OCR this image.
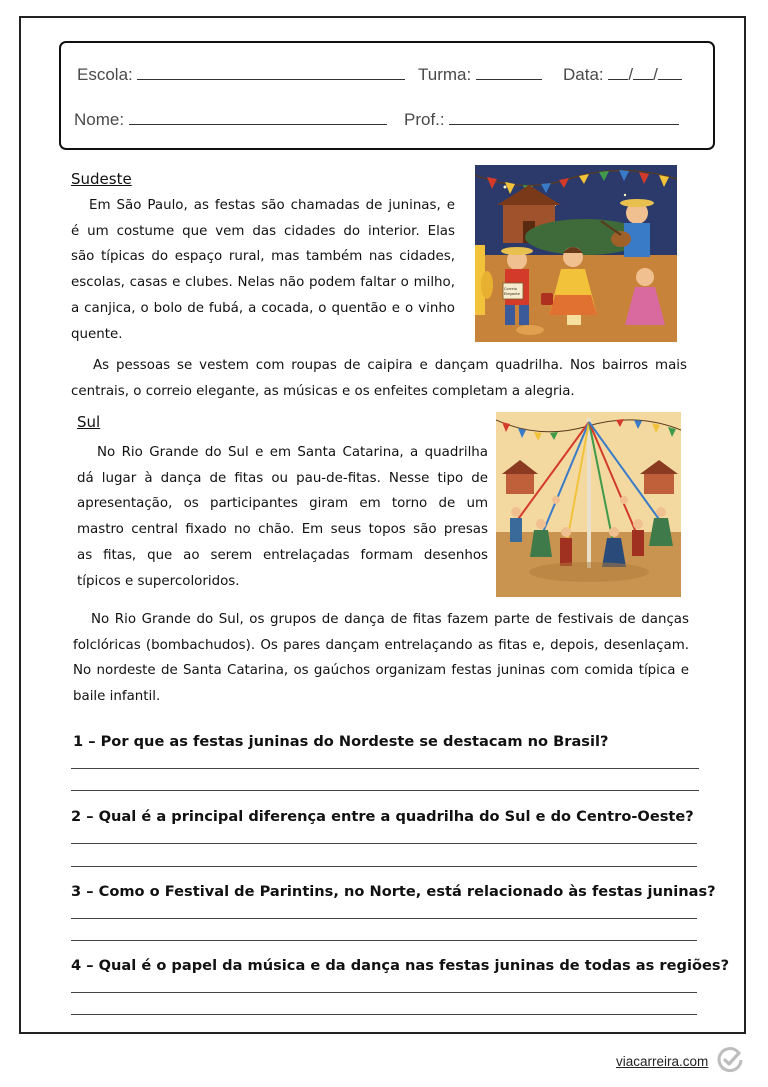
Escola:	Turma:	Data: / /
Nome:	Prof.:
Sudeste
Em São Paulo, as festas são chamadas de juninas, e
é um costume que vem das cidades do interior. Elas
são típicas do espaço rural, mas também nas cidades,
escolas, casas e clubes. Nelas não podem faltar o milho,
a canjica, o bolo de fubá, a cocada, o quentão e o vinho
quente.
Correio
Elegante
As pessoas se vestem com roupas de caipira e dançam quadrilha. Nos bairros mais
centrais, o correio elegante, as músicas e os enfeites completam a alegria.
Sul
No Rio Grande do Sul e em Santa Catarina, a quadrilha
dá lugar à dança de fitas ou pau-de-fitas. Nesse tipo de
apresentação, os participantes giram em torno de um
mastro central fixado no chão. Em seus topos são presas
as fitas, que ao serem entrelaçadas formam desenhos
típicos e supercoloridos.
No Rio Grande do Sul, os grupos de dança de fitas fazem parte de festivais de danças
folclóricas (bombachudos). Os pares dançam entrelaçando as fitas e, depois, desenlaçam.
No nordeste de Santa Catarina, os gaúchos organizam festas juninas com comida típica e
baile infantil.
1 – Por que as festas juninas do Nordeste se destacam no Brasil?
2 – Qual é a principal diferença entre a quadrilha do Sul e do Centro-Oeste?
3 – Como o Festival de Parintins, no Norte, está relacionado às festas juninas?
4 – Qual é o papel da música e da dança nas festas juninas de todas as regiões?
viacarreira.com
